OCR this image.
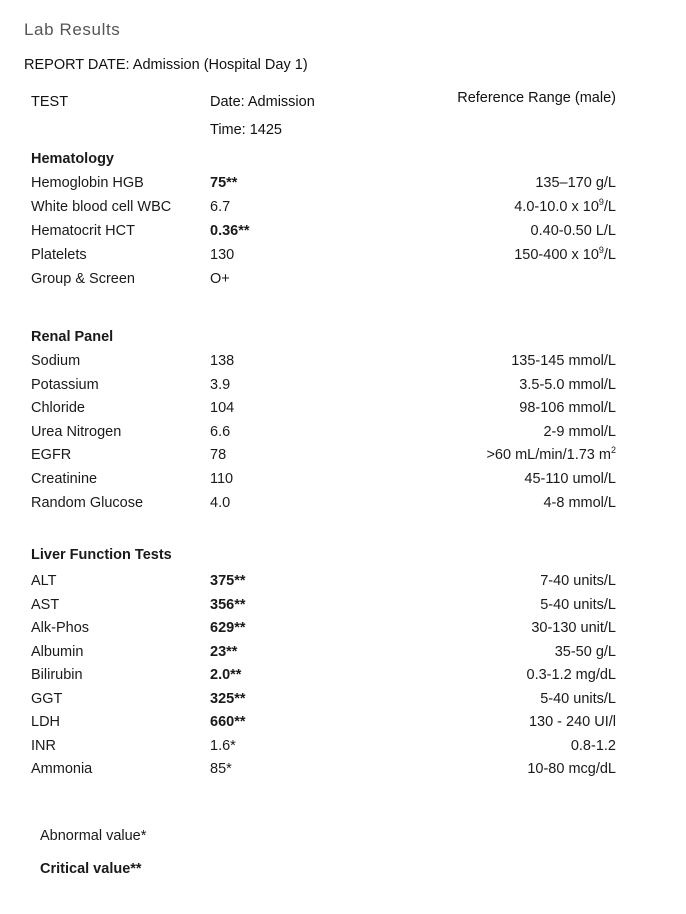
Lab Results
REPORT DATE: Admission (Hospital Day 1)
TEST	Date: Admission
Time: 1425
Reference Range (male)
Hematology
Hemoglobin HGB	75**	135–170 g/L
White blood cell WBC	6.7	4.0-10.0 x $10^9/L$
Hematocrit HCT	0.36**	0.40-0.50 L/L
Platelets	130	150-400 x $10^9/L$
Group & Screen	O+
Renal Panel
Sodium	138	135-145 mmol/L
Potassium	3.9	3.5-5.0 mmol/L
Chloride	104	98-106 mmol/L
Urea Nitrogen	6.6	2-9 mmol/L
EGFR	78	>60 mL/min/1.73 $m^2$
Creatinine	110	45-110 umol/L
Random Glucose	4.0	4-8 mmol/L
Liver Function Tests
ALT	375**	7-40 units/L
AST	356**	5-40 units/L
Alk-Phos	629**	30-130 unit/L
Albumin	23**	35-50 g/L
Bilirubin	2.0**	0.3-1.2 mg/dL
GGT	325**	5-40 units/L
LDH	660**	130 - 240 UI/l
INR	1.6*	0.8-1.2
Ammonia	85*	10-80 mcg/dL
Abnormal value*
Critical value**
